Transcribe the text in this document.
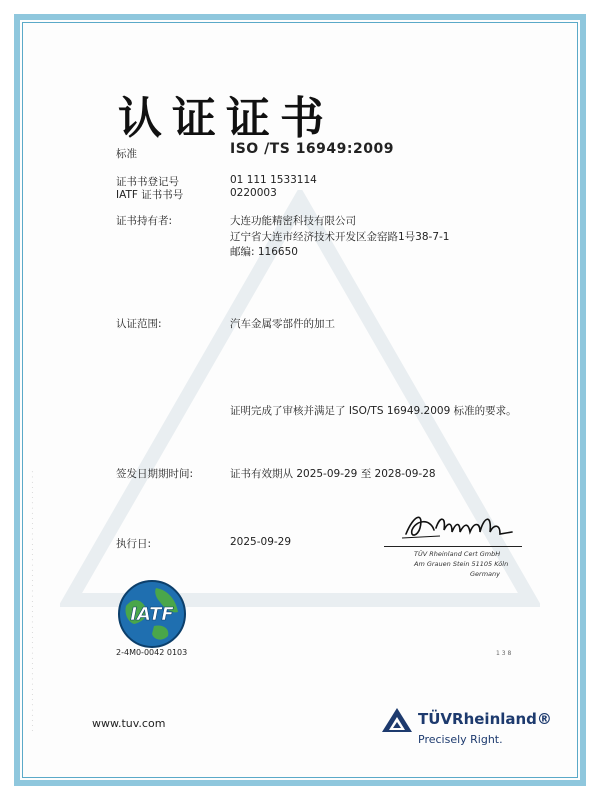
· · · · · · · · · · · · · · · · · · · · · · · · · · · · · · · · · · · · · · · · · · · · · · · · · · ·
认证证书
标准	ISO /TS 16949:2009
证书书登记号	01 111 1533114
IATF 证书书号	0220003
证书持有者:	大连功能精密科技有限公司
辽宁省大连市经济技术开发区金窑路1号38-7-1
邮编: 116650
认证范围:	汽车金属零部件的加工
证明完成了审核并满足了 ISO/TS 16949.2009 标准的要求。
签发日期期时间:	证书有效期从 2025-09-29 至 2028-09-28
执行日:	2025-09-29
TÜV Rheinland Cert GmbH
Am Grauen Stein 51105 Köln
Germany
IATF
2-4M0-0042 0103	1 3 8
www.tuv.com	TÜVRheinland®
Precisely Right.
